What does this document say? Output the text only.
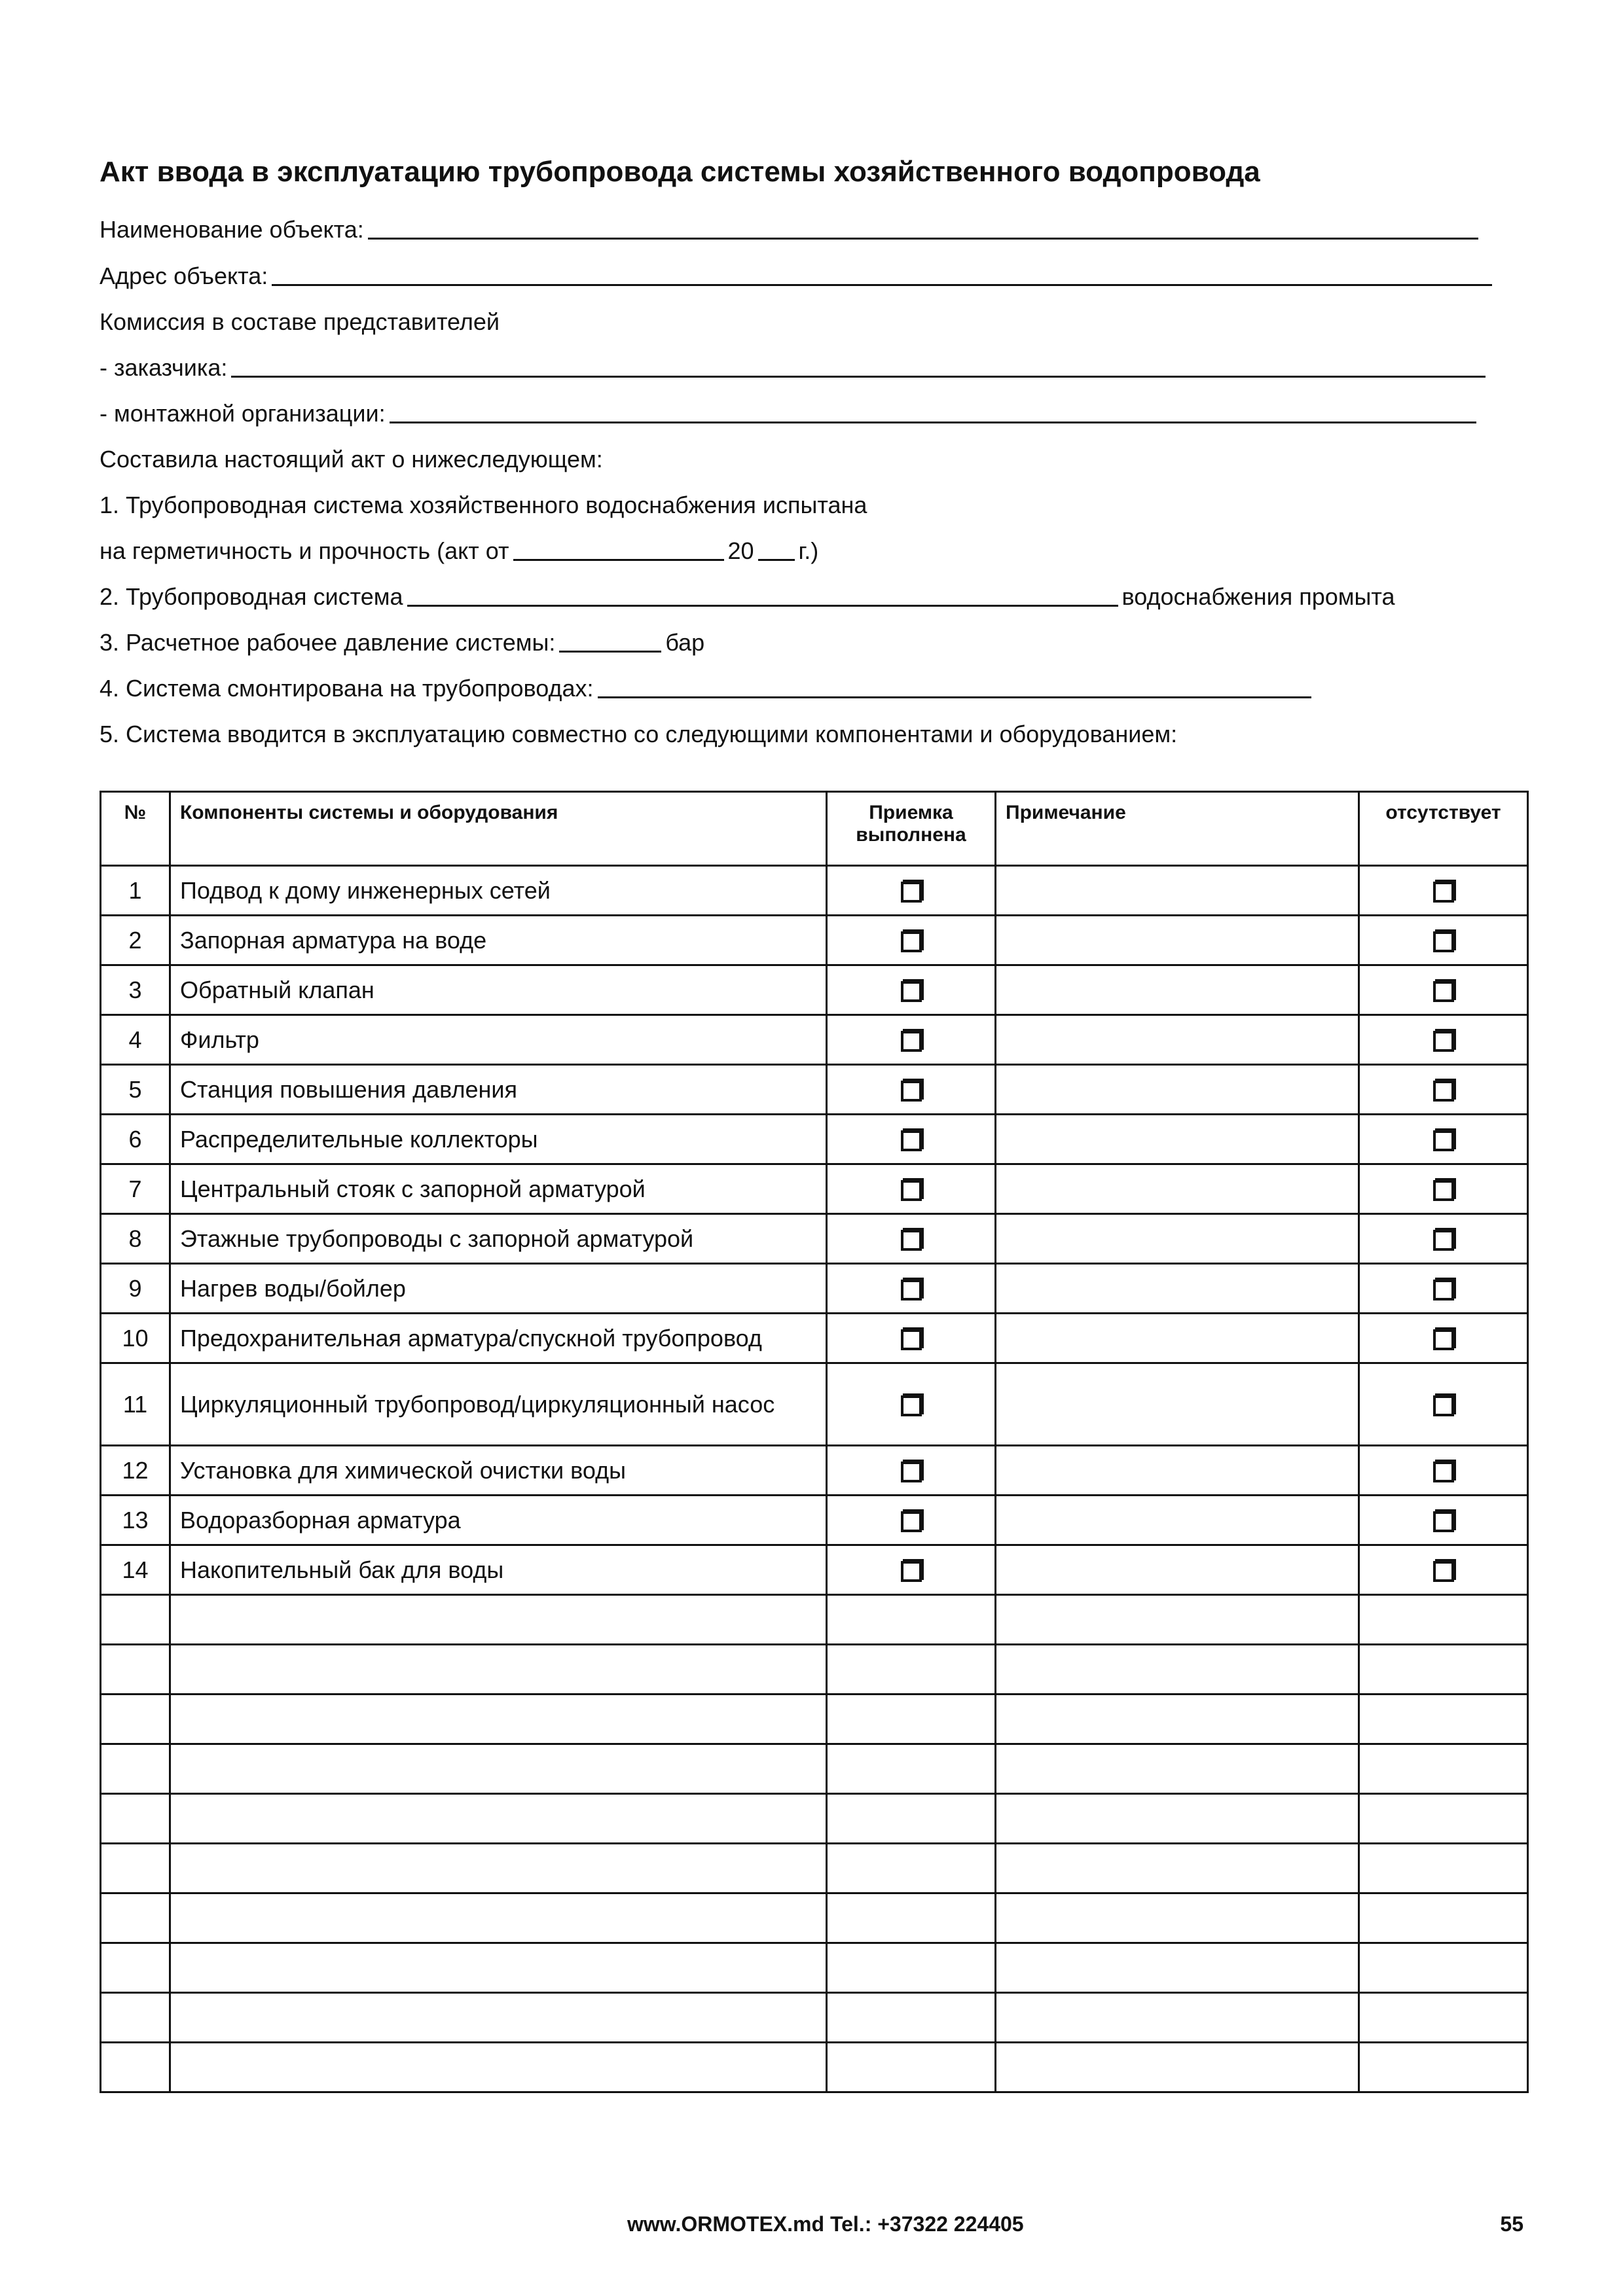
Акт ввода в эксплуатацию трубопровода системы хозяйственного водопровода
Наименование объекта:
Адрес объекта:
Комиссия в составе представителей
- заказчика:
- монтажной организации:
Составила настоящий акт о нижеследующем:
1. Трубопроводная система хозяйственного водоснабжения испытана
на герметичность и прочность (акт от	20 г.)
2. Трубопроводная система	водоснабжения промыта
3. Расчетное рабочее давление системы:	бар
4. Система смонтирована на трубопроводах:
5. Система вводится в эксплуатацию совместно со следующими компонентами и оборудованием:
№	Компоненты системы и оборудования	Приемка выполнена	Примечание	отсутствует
1	Подвод к дому инженерных сетей			
2	Запорная арматура на воде			
3	Обратный клапан			
4	Фильтр			
5	Станция повышения давления			
6	Распределительные коллекторы			
7	Центральный стояк с запорной арматурой			
8	Этажные трубопроводы с запорной арматурой			
9	Нагрев воды/бойлер			
10	Предохранительная арматура/спускной трубопровод			
11	Циркуляционный трубопровод/циркуляционный насос			
12	Установка для химической очистки воды			
13	Водоразборная арматура			
14	Накопительный бак для воды			

www.ORMOTEX.md Tel.: +37322 224405	55
